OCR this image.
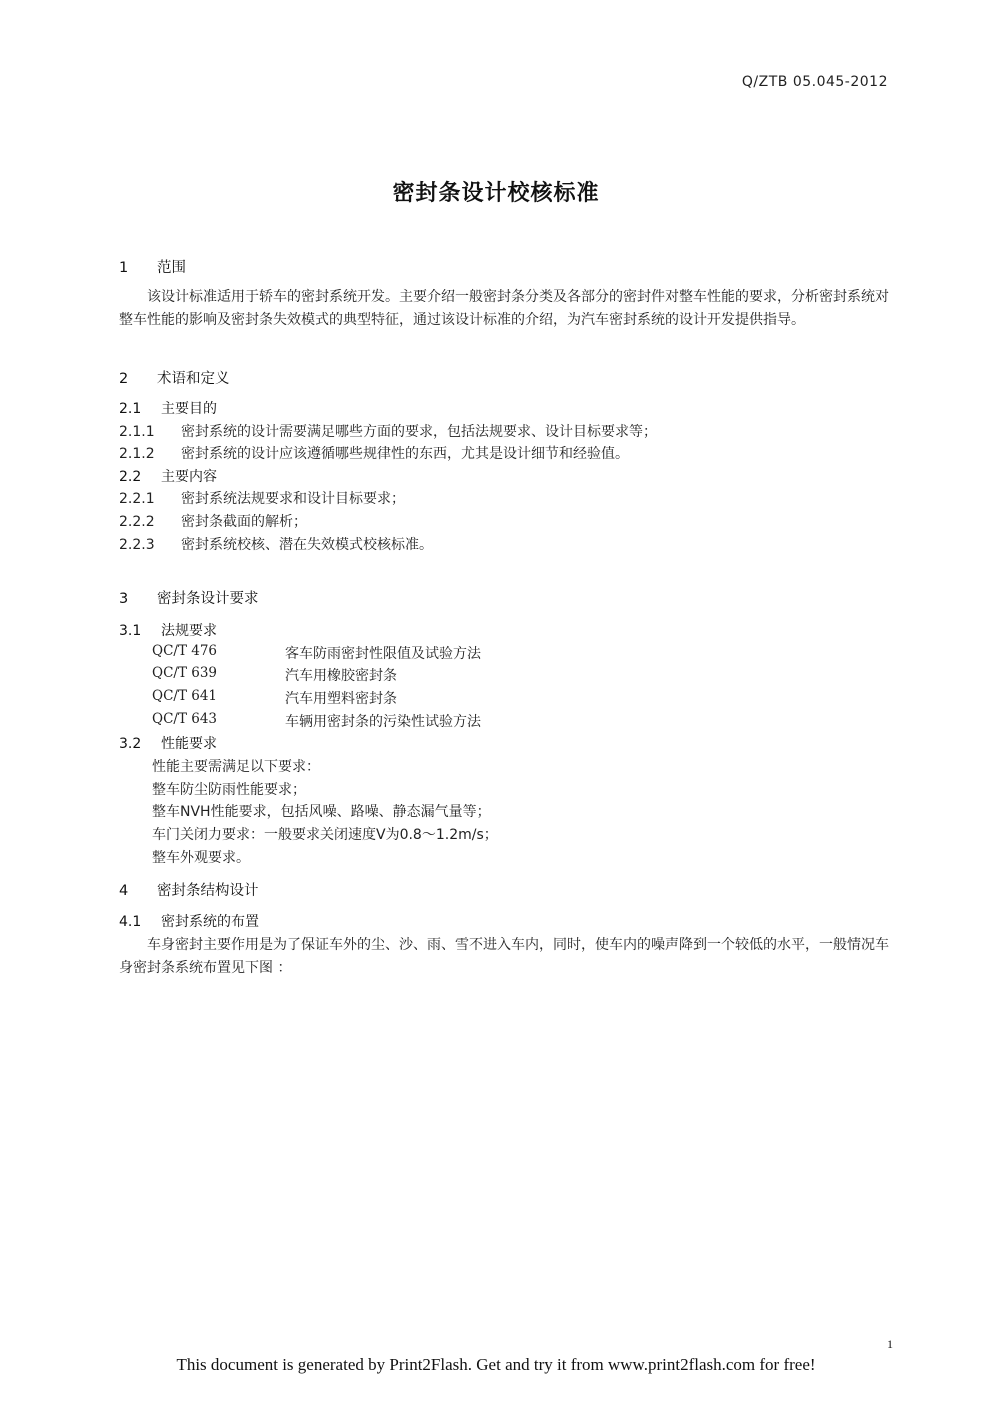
Q/ZTB 05.045-2012
密封条设计校核标准
1 范围
该设计标准适用于轿车的密封系统开发。主要介绍一般密封条分类及各部分的密封件对整车性能的要求，分析密封系统对整车性能的影响及密封条失效模式的典型特征，通过该设计标准的介绍，为汽车密封系统的设计开发提供指导。
2 术语和定义
2.1 主要目的
2.1.1 密封系统的设计需要满足哪些方面的要求，包括法规要求、设计目标要求等；
2.1.2 密封系统的设计应该遵循哪些规律性的东西，尤其是设计细节和经验值。
2.2 主要内容
2.2.1 密封系统法规要求和设计目标要求；
2.2.2 密封条截面的解析；
2.2.3 密封系统校核、潜在失效模式校核标准。
3 密封条设计要求
3.1 法规要求
QC/T 476	客车防雨密封性限值及试验方法
QC/T 639	汽车用橡胶密封条
QC/T 641	汽车用塑料密封条
QC/T 643	车辆用密封条的污染性试验方法
3.2 性能要求
性能主要需满足以下要求：
整车防尘防雨性能要求；
整车NVH性能要求，包括风噪、路噪、静态漏气量等；
车门关闭力要求：一般要求关闭速度V为0.8～1.2m/s；
整车外观要求。
4 密封条结构设计
4.1 密封系统的布置
车身密封主要作用是为了保证车外的尘、沙、雨、雪不进入车内，同时，使车内的噪声降到一个较低的水平，一般情况车身密封条系统布置见下图 ：
1
This document is generated by Print2Flash. Get and try it from www.print2flash.com for free!
